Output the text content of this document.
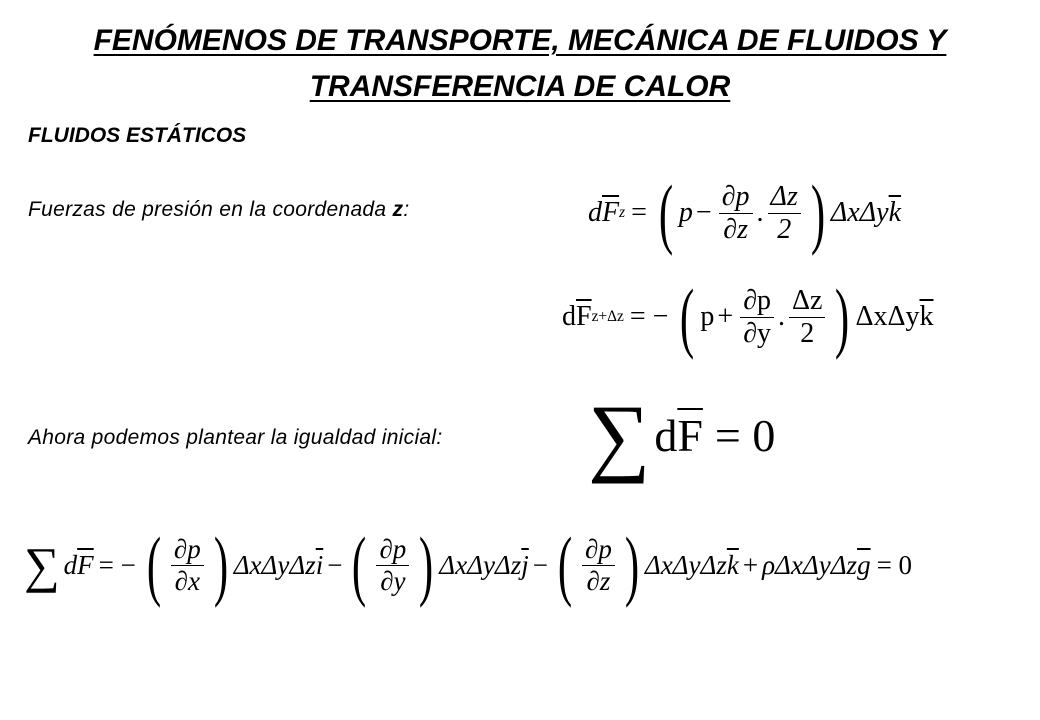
FENÓMENOS DE TRANSPORTE, MECÁNICA DE FLUIDOS Y
TRANSFERENCIA DE CALOR
FLUIDOS ESTÁTICOS
Fuerzas de presión en la coordenada z:	d $\overline{F}$ z = ( $p - \frac{\partial p}{\partial z}$ . $\frac{\Delta z}{2}$ ) ΔxΔy $\overline{k}$
d $\overline{F}$ z+Δz = − ( $p + \frac{\partial p}{\partial y}$ . $\frac{\Delta z}{2}$ ) ΔxΔy $\overline{k}$
Ahora podemos plantear la igualdad inicial: ∑ d $\overline{F} = 0$
∑ d $\overline{F}$ = − ( $\frac{\partial p}{\partial x}$ ) ΔxΔyΔz $\overline{i}$ − ( $\frac{\partial p}{\partial y}$ ) ΔxΔyΔz $\overline{j}$ − ( $\frac{\partial p}{\partial z}$ ) ΔxΔyΔz $\overline{k} + \rho\Delta x\Delta y\Delta z$ $\overline{g} = 0$
